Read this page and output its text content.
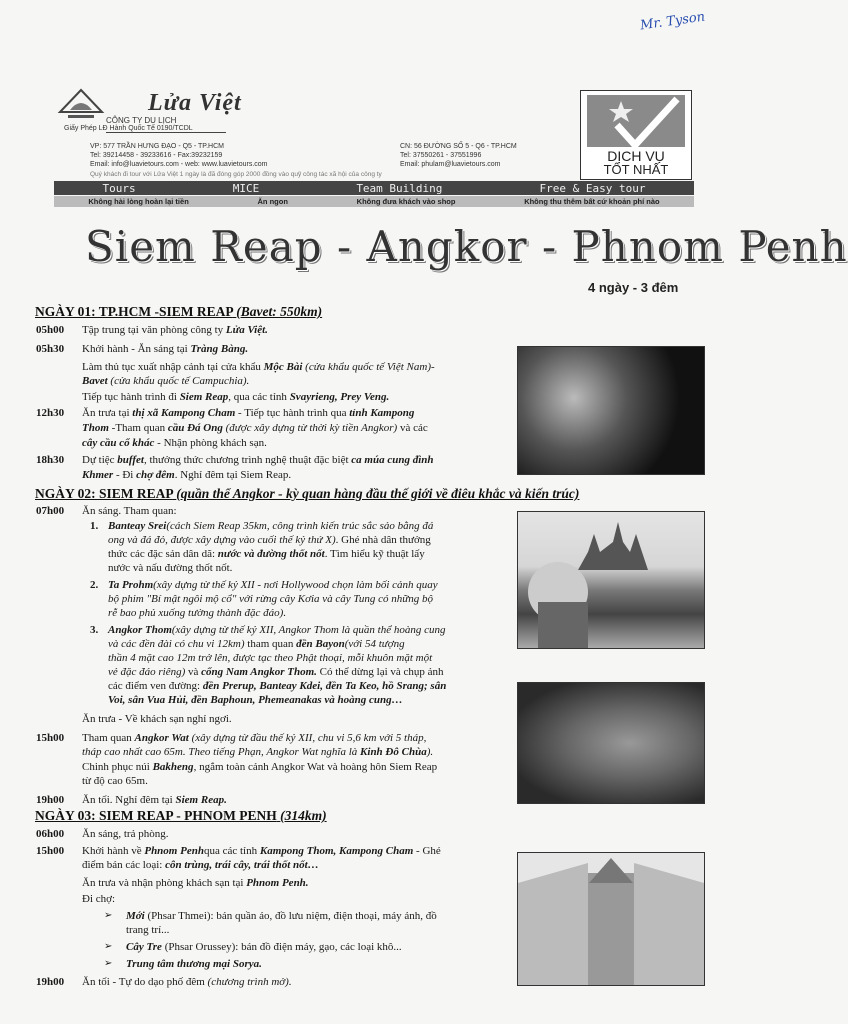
Mr. Tyson
Lửa Việt
CÔNG TY DU LỊCH
Giấy Phép LĐ Hành Quốc Tế 0190/TCDL
VP: 577 TRẦN HƯNG ĐẠO - Q5 - TP.HCM
Tel: 39214458 - 39233616 - Fax:39232159
Email: info@luavietours.com - web: www.luavietours.com
CN: 56 ĐƯỜNG SỐ 5 - Q6 - TP.HCM
Tel: 37550261 - 37551996
Email: phulam@luavietours.com
Quý khách đi tour với Lửa Việt 1 ngày là đã đóng góp 2000 đồng vào quỹ công tác xã hội của công ty
DỊCH VỤ
TỐT NHẤT
Tours	MICE	Team Building	Free & Easy tour
Không hài lòng hoàn lại tiền	Ăn ngon	Không đưa khách vào shop	Không thu thêm bất cứ khoản phí nào
Siem Reap - Angkor - Phnom Penh
4 ngày - 3 đêm
NGÀY 01: TP.HCM -SIEM REAP (Bavet: 550km)
05h00	Tập trung tại văn phòng công ty Lửa Việt.
05h30	Khởi hành - Ăn sáng tại Tràng Bàng.
Làm thủ tục xuất nhập cảnh tại cửa khẩu Mộc Bài (cửa khẩu quốc tế Việt Nam)-
Bavet (cửa khẩu quốc tế Campuchia).
Tiếp tục hành trình đi Siem Reap, qua các tỉnh Svayrieng, Prey Veng.
12h30	Ăn trưa tại thị xã Kampong Cham - Tiếp tục hành trình qua tỉnh Kampong
Thom -Tham quan cầu Đá Ong (được xây dựng từ thời kỳ tiền Angkor) và các
cây cầu cổ khác - Nhận phòng khách sạn.
18h30	Dự tiệc buffet, thưởng thức chương trình nghệ thuật đặc biệt ca múa cung đình
Khmer - Đi chợ đêm. Nghỉ đêm tại Siem Reap.
NGÀY 02: SIEM REAP (quần thể Angkor - kỳ quan hàng đầu thế giới về điêu khắc và kiến trúc)
07h00	Ăn sáng. Tham quan:
1. Banteay Srei(cách Siem Reap 35km, công trình kiến trúc sắc sảo bằng đá
ong và đá đỏ, được xây dựng vào cuối thế kỷ thứ X). Ghé nhà dân thưởng
thức các đặc sản dân dã: nước và đường thốt nốt. Tìm hiểu kỹ thuật lấy
nước và nấu đường thốt nốt.
2. Ta Prohm(xây dựng từ thế kỷ XII - nơi Hollywood chọn làm bối cảnh quay
bộ phim "Bí mật ngôi mộ cổ" với rừng cây Kơia và cây Tung có những bộ
rễ bao phủ xuống tường thành đặc đáo).
3. Angkor Thom(xây dựng từ thế kỷ XII, Angkor Thom là quần thể hoàng cung
và các đền đài có chu vi 12km) tham quan đền Bayon(với 54 tượng
thần 4 mặt cao 12m trở lên, được tạc theo Phật thoại, mỗi khuôn mặt một
vẻ đặc đáo riêng) và cổng Nam Angkor Thom. Có thể dừng lại và chụp ảnh
các điểm ven đường: đền Prerup, Banteay Kdei, đền Ta Keo, hồ Srang; sân
Voi, sân Vua Hủi, đền Baphoun, Phemeanakas và hoàng cung…
Ăn trưa - Về khách sạn nghỉ ngơi.
15h00	Tham quan Angkor Wat (xây dựng từ đầu thế kỷ XII, chu vi 5,6 km với 5 tháp,
tháp cao nhất cao 65m. Theo tiếng Phạn, Angkor Wat nghĩa là Kinh Đô Chùa).
Chinh phục núi Bakheng, ngắm toàn cảnh Angkor Wat và hoàng hôn Siem Reap
từ độ cao 65m.
19h00	Ăn tối. Nghỉ đêm tại Siem Reap.
NGÀY 03: SIEM REAP - PHNOM PENH (314km)
06h00	Ăn sáng, trả phòng.
15h00	Khởi hành về Phnom Penhqua các tỉnh Kampong Thom, Kampong Cham - Ghé
điểm bán các loại: côn trùng, trái cây, trái thốt nốt…
Ăn trưa và nhận phòng khách sạn tại Phnom Penh.
Đi chợ:
➢ Mới (Phsar Thmei): bán quần áo, đồ lưu niệm, điện thoại, máy ảnh, đồ
trang trí...
➢ Cây Tre (Phsar Orussey): bán đồ điện máy, gạo, các loại khô...
➢ Trung tâm thương mại Sorya.
19h00	Ăn tối - Tự do dạo phố đêm (chương trình mở).
